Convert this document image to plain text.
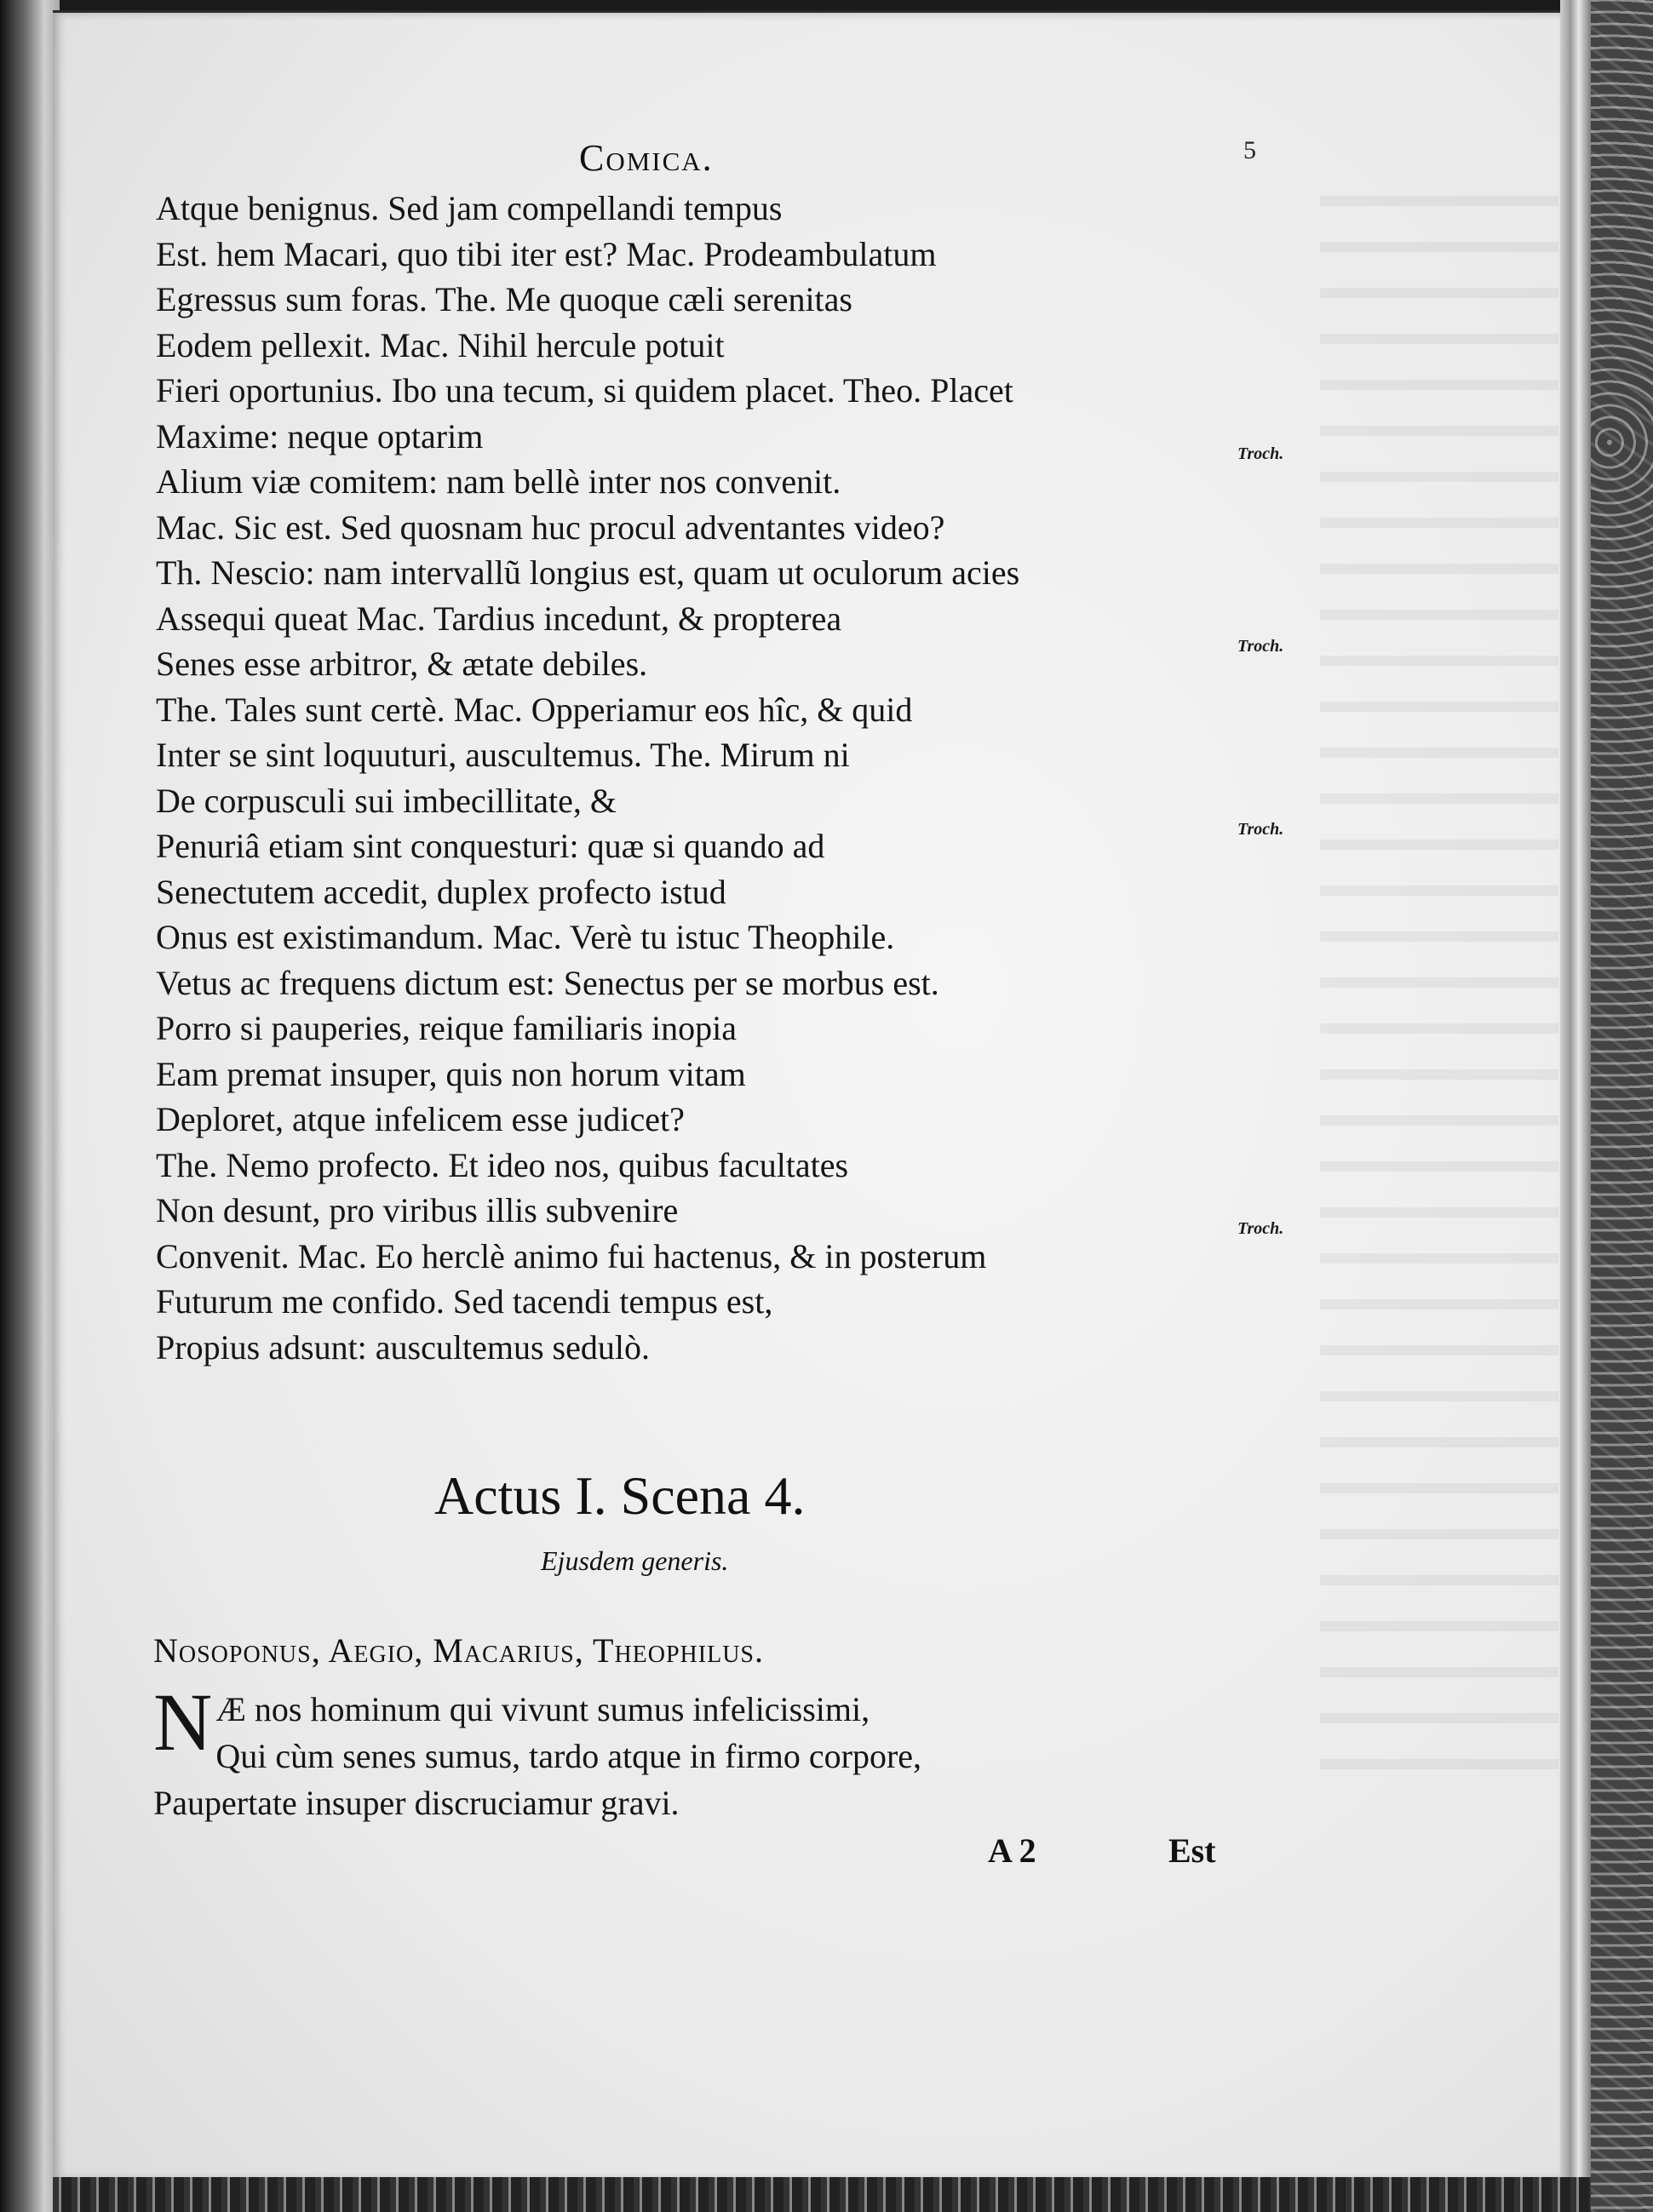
Comica.	5
Atque benignus. Sed jam compellandi tempus
Est. hem Macari, quo tibi iter est? Mac. Prodeambulatum
Egressus sum foras. The. Me quoque cæli serenitas
Eodem pellexit. Mac. Nihil hercule potuit
Fieri oportunius. Ibo una tecum, si quidem placet. Theo. Placet
Maxime: neque optarim
Alium viæ comitem: nam bellè inter nos convenit.
Mac. Sic est. Sed quosnam huc procul adventantes video?
Th. Nescio: nam intervallũ longius est, quam ut oculorum acies
Assequi queat Mac. Tardius incedunt, & propterea
Senes esse arbitror, & ætate debiles.
The. Tales sunt certè. Mac. Opperiamur eos hîc, & quid
Inter se sint loquuturi, auscultemus. The. Mirum ni
De corpusculi sui imbecillitate, &
Penuriâ etiam sint conquesturi: quæ si quando ad
Senectutem accedit, duplex profecto istud
Onus est existimandum. Mac. Verè tu istuc Theophile.
Vetus ac frequens dictum est: Senectus per se morbus est.
Porro si pauperies, reique familiaris inopia
Eam premat insuper, quis non horum vitam
Deploret, atque infelicem esse judicet?
The. Nemo profecto. Et ideo nos, quibus facultates
Non desunt, pro viribus illis subvenire
Convenit. Mac. Eo herclè animo fui hactenus, & in posterum
Futurum me confido. Sed tacendi tempus est,
Propius adsunt: auscultemus sedulò.
Troch.
Troch.
Troch.
Troch.
Actus I. Scena 4.
Ejusdem generis.
Nosoponus, Aegio, Macarius, Theophilus.
N Æ nos hominum qui vivunt sumus infelicissimi,
Qui cùm senes sumus, tardo atque in firmo corpore,
Paupertate insuper discruciamur gravi.
A 2	Est
